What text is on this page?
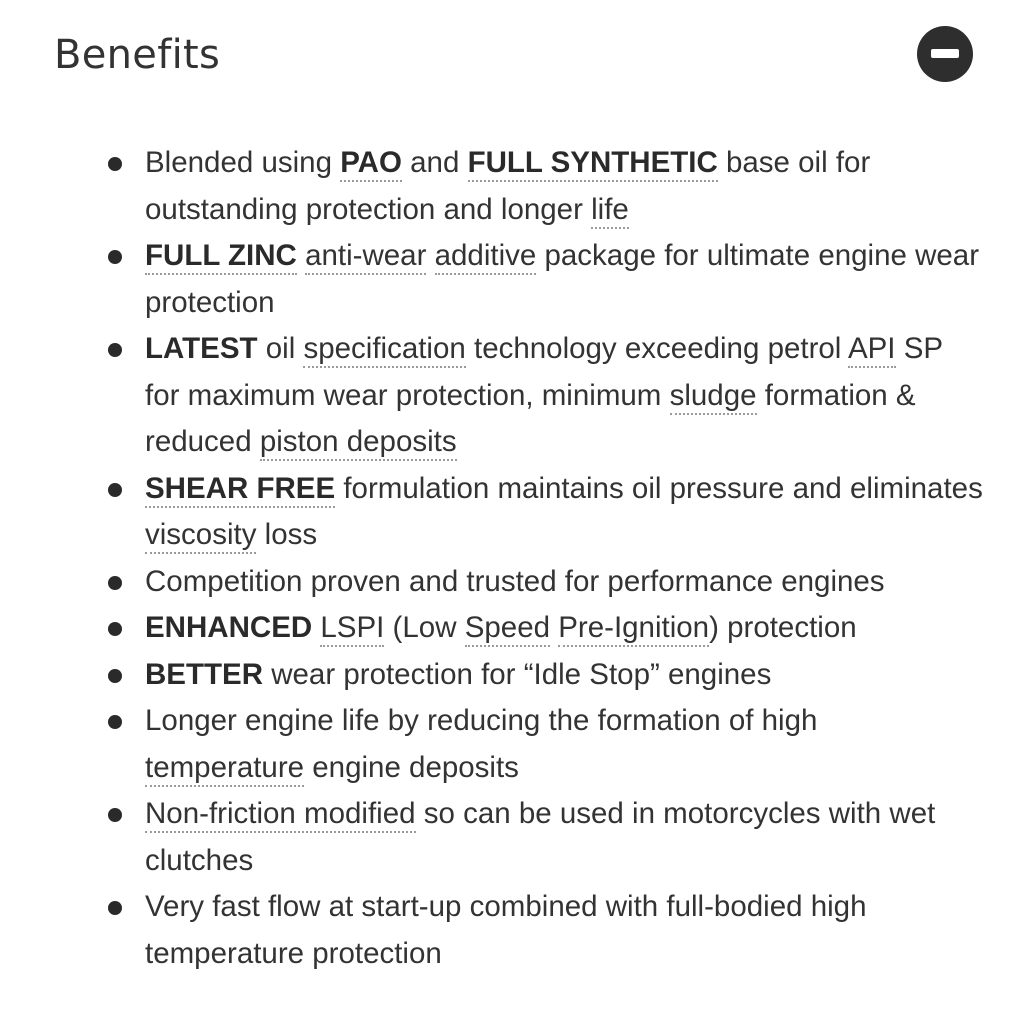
Benefits
Blended using PAO and FULL SYNTHETIC base oil for outstanding protection and longer life
FULL ZINC anti-wear additive package for ultimate engine wear protection
LATEST oil specification technology exceeding petrol API SP for maximum wear protection, minimum sludge formation & reduced piston deposits
SHEAR FREE formulation maintains oil pressure and eliminates viscosity loss
Competition proven and trusted for performance engines
ENHANCED LSPI (Low Speed Pre-Ignition) protection
BETTER wear protection for “Idle Stop” engines
Longer engine life by reducing the formation of high temperature engine deposits
Non-friction modified so can be used in motorcycles with wet clutches
Very fast flow at start-up combined with full-bodied high temperature protection
